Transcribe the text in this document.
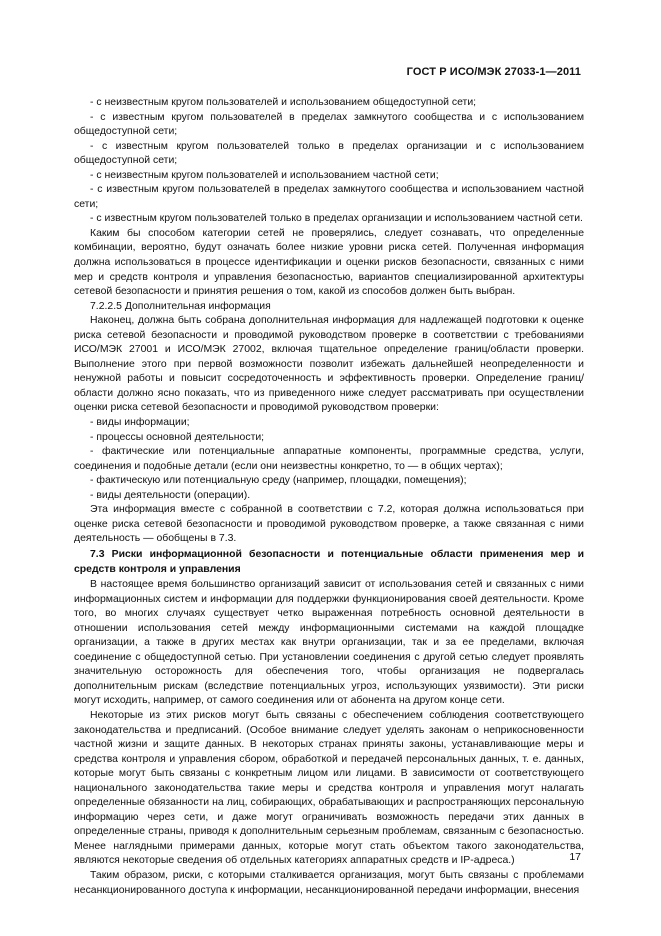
ГОСТ Р ИСО/МЭК 27033-1—2011

- с неизвестным кругом пользователей и использованием общедоступной сети;

- с известным кругом пользователей в пределах замкнутого сообщества и с использованием общедоступной сети;

- с известным кругом пользователей только в пределах организации и с использованием общедоступной сети;

- с неизвестным кругом пользователей и использованием частной сети;

- с известным кругом пользователей в пределах замкнутого сообщества и использованием частной сети;

- с известным кругом пользователей только в пределах организации и использованием частной сети.

Каким бы способом категории сетей не проверялись, следует сознавать, что определенные комбинации, вероятно, будут означать более низкие уровни риска сетей. Полученная информация должна использоваться в процессе идентификации и оценки рисков безопасности, связанных с ними мер и средств контроля и управления безопасностью, вариантов специализированной архитектуры сетевой безопасности и принятия решения о том, какой из способов должен быть выбран.

7.2.2.5 Дополнительная информация

Наконец, должна быть собрана дополнительная информация для надлежащей подготовки к оценке риска сетевой безопасности и проводимой руководством проверке в соответствии с требованиями ИСО/МЭК 27001 и ИСО/МЭК 27002, включая тщательное определение границ/области проверки. Выполнение этого при первой возможности позволит избежать дальнейшей неопределенности и ненужной работы и повысит сосредоточенность и эффективность проверки. Определение границ/области должно ясно показать, что из приведенного ниже следует рассматривать при осуществлении оценки риска сетевой безопасности и проводимой руководством проверки:

- виды информации;

- процессы основной деятельности;

- фактические или потенциальные аппаратные компоненты, программные средства, услуги, соединения и подобные детали (если они неизвестны конкретно, то — в общих чертах);

- фактическую или потенциальную среду (например, площадки, помещения);

- виды деятельности (операции).

Эта информация вместе с собранной в соответствии с 7.2, которая должна использоваться при оценке риска сетевой безопасности и проводимой руководством проверке, а также связанная с ними деятельность — обобщены в 7.3.

7.3 Риски информационной безопасности и потенциальные области применения мер и средств контроля и управления

В настоящее время большинство организаций зависит от использования сетей и связанных с ними информационных систем и информации для поддержки функционирования своей деятельности. Кроме того, во многих случаях существует четко выраженная потребность основной деятельности в отношении использования сетей между информационными системами на каждой площадке организации, а также в других местах как внутри организации, так и за ее пределами, включая соединение с общедоступной сетью. При установлении соединения с другой сетью следует проявлять значительную осторожность для обеспечения того, чтобы организация не подвергалась дополнительным рискам (вследствие потенциальных угроз, использующих уязвимости). Эти риски могут исходить, например, от самого соединения или от абонента на другом конце сети.

Некоторые из этих рисков могут быть связаны с обеспечением соблюдения соответствующего законодательства и предписаний. (Особое внимание следует уделять законам о неприкосновенности частной жизни и защите данных. В некоторых странах приняты законы, устанавливающие меры и средства контроля и управления сбором, обработкой и передачей персональных данных, т. е. данных, которые могут быть связаны с конкретным лицом или лицами. В зависимости от соответствующего национального законодательства такие меры и средства контроля и управления могут налагать определенные обязанности на лиц, собирающих, обрабатывающих и распространяющих персональную информацию через сети, и даже могут ограничивать возможность передачи этих данных в определенные страны, приводя к дополнительным серьезным проблемам, связанным с безопасностью. Менее наглядными примерами данных, которые могут стать объектом такого законодательства, являются некоторые сведения об отдельных категориях аппаратных средств и IP-адреса.)

Таким образом, риски, с которыми сталкивается организация, могут быть связаны с проблемами несанкционированного доступа к информации, несанкционированной передачи информации, внесения

17
